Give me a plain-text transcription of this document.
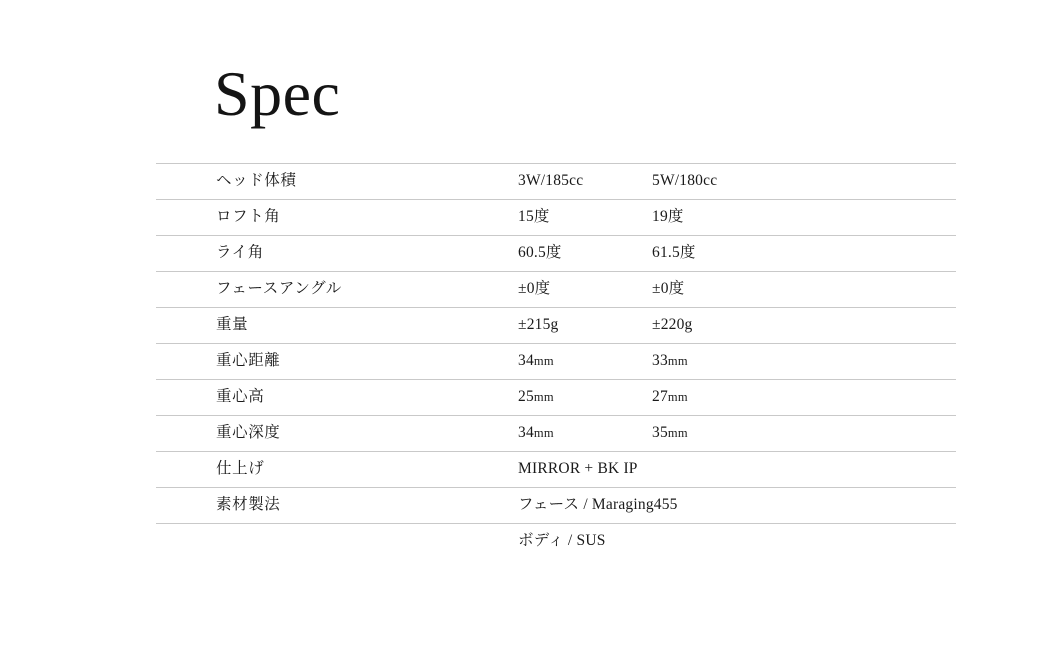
Spec
ヘッド体積	3W/185cc	5W/180cc
ロフト角	15度	19度
ライ角	60.5度	61.5度
フェースアングル	±0度	±0度
重量	±215g	±220g
重心距離	34mm	33mm
重心高	25mm	27mm
重心深度	34mm	35mm
仕上げ	MIRROR + BK IP	
素材製法	フェース / Maraging455	
	ボディ / SUS	
